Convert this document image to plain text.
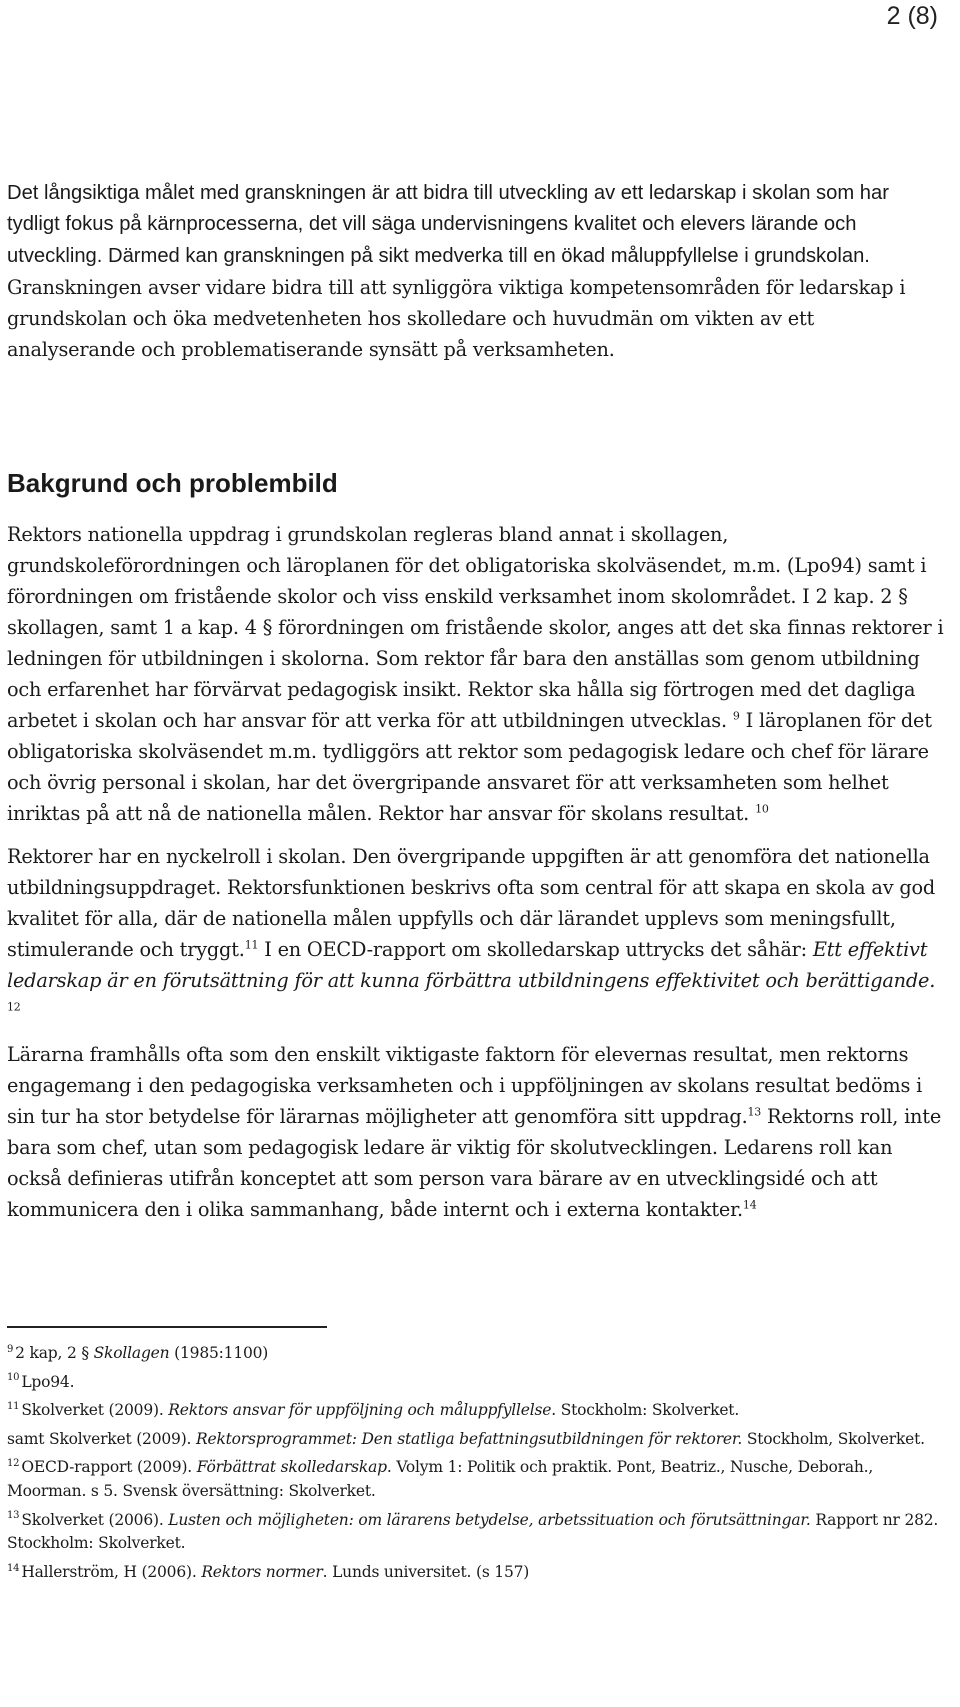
2 (8)

Det långsiktiga målet med granskningen är att bidra till utveckling av ett ledarskap i skolan som har tydligt fokus på kärnprocesserna, det vill säga undervisningens kvalitet och elevers lärande och utveckling. Därmed kan granskningen på sikt medverka till en ökad måluppfyllelse i grundskolan. Granskningen avser vidare bidra till att synliggöra viktiga kompetensområden för ledarskap i grundskolan och öka medvetenheten hos skolledare och huvudmän om vikten av ett analyserande och problematiserande synsätt på verksamheten.

Bakgrund och problembild

Rektors nationella uppdrag i grundskolan regleras bland annat i skollagen, grundskoleförordningen och läroplanen för det obligatoriska skolväsendet, m.m. (Lpo94) samt i förordningen om fristående skolor och viss enskild verksamhet inom skolområdet. I 2 kap. 2 § skollagen, samt 1 a kap. 4 § förordningen om fristående skolor, anges att det ska finnas rektorer i ledningen för utbildningen i skolorna. Som rektor får bara den anställas som genom utbildning och erfarenhet har förvärvat pedagogisk insikt. Rektor ska hålla sig förtrogen med det dagliga arbetet i skolan och har ansvar för att verka för att utbildningen utvecklas. $^9$ I läroplanen för det obligatoriska skolväsendet m.m. tydliggörs att rektor som pedagogisk ledare och chef för lärare och övrig personal i skolan, har det övergripande ansvaret för att verksamheten som helhet inriktas på att nå de nationella målen. Rektor har ansvar för skolans resultat. $^{10}$

Rektorer har en nyckelroll i skolan. Den övergripande uppgiften är att genomföra det nationella utbildningsuppdraget. Rektorsfunktionen beskrivs ofta som central för att skapa en skola av god kvalitet för alla, där de nationella målen uppfylls och där lärandet upplevs som meningsfullt, stimulerande och tryggt.$^{11}$ I en OECD-rapport om skolledarskap uttrycks det såhär: Ett effektivt ledarskap är en förutsättning för att kunna förbättra utbildningens effektivitet och berättigande. $^{12}$

Lärarna framhålls ofta som den enskilt viktigaste faktorn för elevernas resultat, men rektorns engagemang i den pedagogiska verksamheten och i uppföljningen av skolans resultat bedöms i sin tur ha stor betydelse för lärarnas möjligheter att genomföra sitt uppdrag.$^{13}$ Rektorns roll, inte bara som chef, utan som pedagogisk ledare är viktig för skolutvecklingen. Ledarens roll kan också definieras utifrån konceptet att som person vara bärare av en utvecklingsidé och att kommunicera den i olika sammanhang, både internt och i externa kontakter.$^{14}$

$^9$ 2 kap, 2 § Skollagen (1985:1100)

$^{10}$ Lpo94.

$^{11}$ Skolverket (2009). Rektors ansvar för uppföljning och måluppfyllelse. Stockholm: Skolverket.

samt Skolverket (2009). Rektorsprogrammet: Den statliga befattningsutbildningen för rektorer. Stockholm, Skolverket.

$^{12}$ OECD-rapport (2009). Förbättrat skolledarskap. Volym 1: Politik och praktik. Pont, Beatriz., Nusche, Deborah., Moorman. s 5. Svensk översättning: Skolverket.

$^{13}$ Skolverket (2006). Lusten och möjligheten: om lärarens betydelse, arbetssituation och förutsättningar. Rapport nr 282. Stockholm: Skolverket.

$^{14}$ Hallerström, H (2006). Rektors normer. Lunds universitet. (s 157)
